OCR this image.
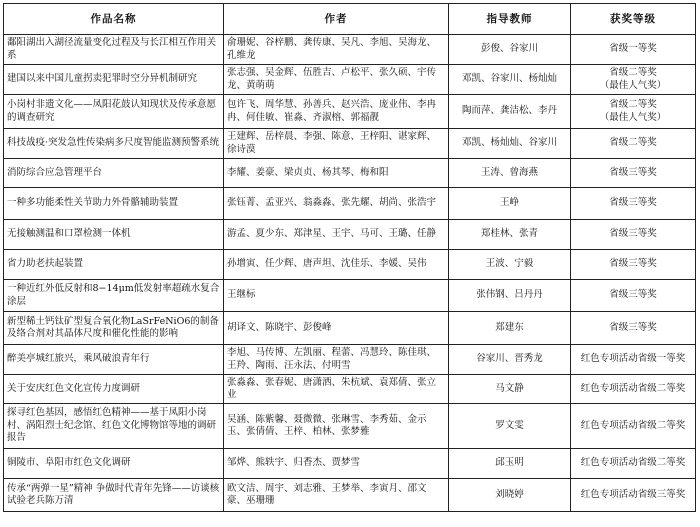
作品名称	作者	指导教师	获奖等级
鄱阳湖出入湖径流量变化过程及与长江相互作用关系	俞珊妮、谷梓鹏、龚传康、吴凡、李旭、吴海龙、孔维龙	彭俊、谷家川	省级一等奖

建国以来中国儿童拐卖犯罪时空分异机制研究	张志强、吴金辉、伍胜吉、卢松平、张久硕、宇传龙、黄萌萌	邓凯、谷家川、杨灿灿	省级二等奖
（最佳人气奖）

小岗村非遗文化——凤阳花鼓认知现状及传承意愿的调查研究	包许飞、周华慧、孙善兵、赵兴浩、庞业伟、李冉冉、何佳敏、崔淼、齐淑榕、郭福靓	陶而萍、龚洁松、李丹	省级二等奖
（最佳人气奖）

科技战疫·突发急性传染病多尺度智能监测预警系统	王建辉、岳梓晨、李强、陈意、王梓阳、谌家辉、徐诗漠	邓凯、杨灿灿、谷家川	省级二等奖

消防综合应急管理平台	李耀、姜豪、梁贞贞、杨其琴、梅和阳	王涛、曾海燕	省级三等奖

一种多功能柔性关节助力外骨骼辅助装置	张钰菁、孟亚兴、翁淼淼、张先耀、胡尚、张浩宇	王峥	省级三等奖

无接触测温和口罩检测一体机	游孟、夏少东、郑津星、王宇、马可、王璐、任静	郑桂林、张青	省级三等奖

省力助老扶起装置	孙增寅、任少辉、唐声坦、沈佳乐、李媛、吴伟	王波、宁毅	省级三等奖

一种近红外低反射和8−14μm低发射率超疏水复合涂层	王继标	张伟钢、吕丹丹	省级三等奖

新型稀土钙钛矿型复合氧化物LaSrFeNiO6的制备及络合剂对其晶体尺度和催化性能的影响	胡译文、陈晓宇、彭俊峰	郑建东	省级三等奖

醉美亭城红旅兴，乘风破浪青年行	李旭、马传博、左凯丽、程蕾、冯慧玲、陈佳琪、王羚、陶雨、汪永法、付明雪	谷家川、晋秀龙	红色专项活动省级一等奖

关于安庆红色文化宣传力度调研	张淼淼、张春妮、唐潇洒、朱杭斌、袁郑倩、张立业	马文静	红色专项活动省级二等奖

探寻红色基因，感悟红色精神——基于凤阳小岗村、涡阳烈士纪念馆、红色文化博物馆等地的调研报告	吴涵、陈紫馨、聂微微、张琳雪、李秀茹、金示玉、张倩倩、王梓、柏林、张梦雅	罗文雯	红色专项活动省级二等奖

铜陵市、阜阳市红色文化调研	邹烨、熊轶宇、归香杰、贾梦雪	邱玉明	红色专项活动省级二等奖

传承“两弹一星”精神 争做时代青年先锋——访谈核试验老兵陈万清	欧文洁、周宇、刘志雅、王梦举、李寅月、邵文豪、巫珊珊	刘晓婷	红色专项活动省级三等奖
